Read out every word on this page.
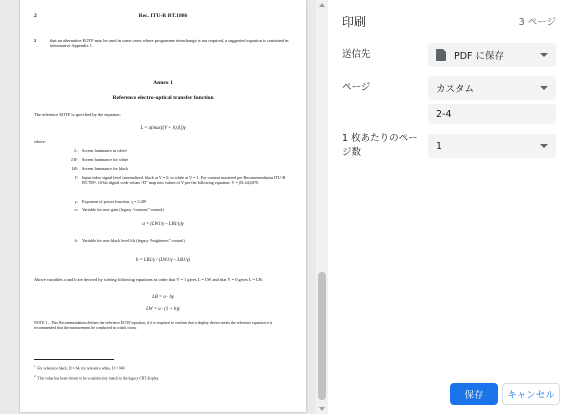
2	Rec. ITU-R BT.1886
2	that an alternative EOTF may be used in some cases where programme interchange is not required, a suggested equation is contained in informative Appendix 1.
Annex 1
Reference electro-optical transfer function
The reference EOTF is specified by the equation:
L = a(max[(V + b),0])γ
where:
L: Screen luminance in cd/m²
LW: Screen luminance for white
LB: Screen luminance for black
V: Input video signal level (normalized, black at V = 0, to white at V = 1. For content mastered per Recommendation ITU-R BT.709², 10-bit digital code values “D” map into values of V per the following equation: V = (D–64)/876
γ: Exponent of power function, γ = 2.40³
a: Variable for user gain (legacy “contrast” control)
a = (LW1/γ – LB1/γ)γ
b: Variable for user black level lift (legacy “brightness” control)
b = LB1/γ / (LW1/γ – LB1/γ)
Above variables a and b are derived by solving following equations in order that V = 1 gives L = LW and that V = 0 gives L = LB:
LB = a · bγ
LW = a · (1 + b)γ
NOTE 1 – This Recommendation defines the reference EOTF equation, if it is required to confirm that a display device meets the reference equation it is recommended that the measurement be conducted in a dark room.
$^1$  For reference black, D = 64, for reference white, D = 940.
$^2$  This value has been shown to be a satisfactory match to the legacy CRT display.
印刷	3 ページ
送信先	PDF に保存
ページ	カスタム
2-4
1 枚あたりのページ数
1
保存	キャンセル
